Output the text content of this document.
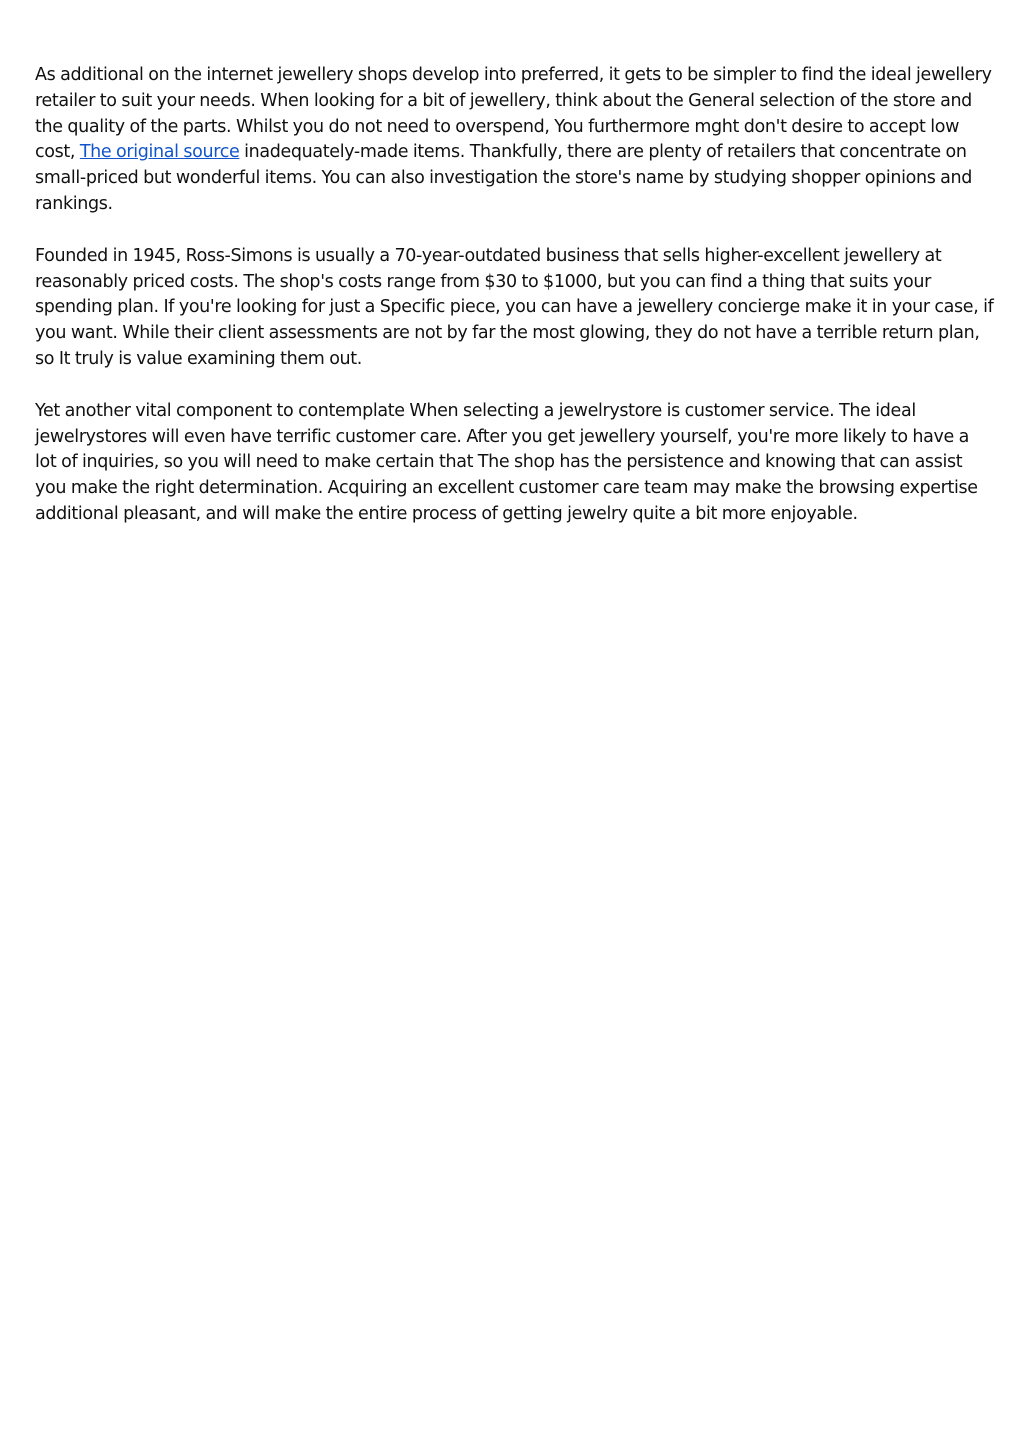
As additional on the internet jewellery shops develop into preferred, it gets to be simpler to find the ideal jewellery retailer to suit your needs. When looking for a bit of jewellery, think about the General selection of the store and the quality of the parts. Whilst you do not need to overspend, You furthermore mght don't desire to accept low cost, The original source inadequately-made items. Thankfully, there are plenty of retailers that concentrate on small-priced but wonderful items. You can also investigation the store's name by studying shopper opinions and rankings.

Founded in 1945, Ross-Simons is usually a 70-year-outdated business that sells higher-excellent jewellery at reasonably priced costs. The shop's costs range from $30 to $1000, but you can find a thing that suits your spending plan. If you're looking for just a Specific piece, you can have a jewellery concierge make it in your case, if you want. While their client assessments are not by far the most glowing, they do not have a terrible return plan, so It truly is value examining them out.

Yet another vital component to contemplate When selecting a jewelrystore is customer service. The ideal jewelrystores will even have terrific customer care. After you get jewellery yourself, you're more likely to have a lot of inquiries, so you will need to make certain that The shop has the persistence and knowing that can assist you make the right determination. Acquiring an excellent customer care team may make the browsing expertise additional pleasant, and will make the entire process of getting jewelry quite a bit more enjoyable.
